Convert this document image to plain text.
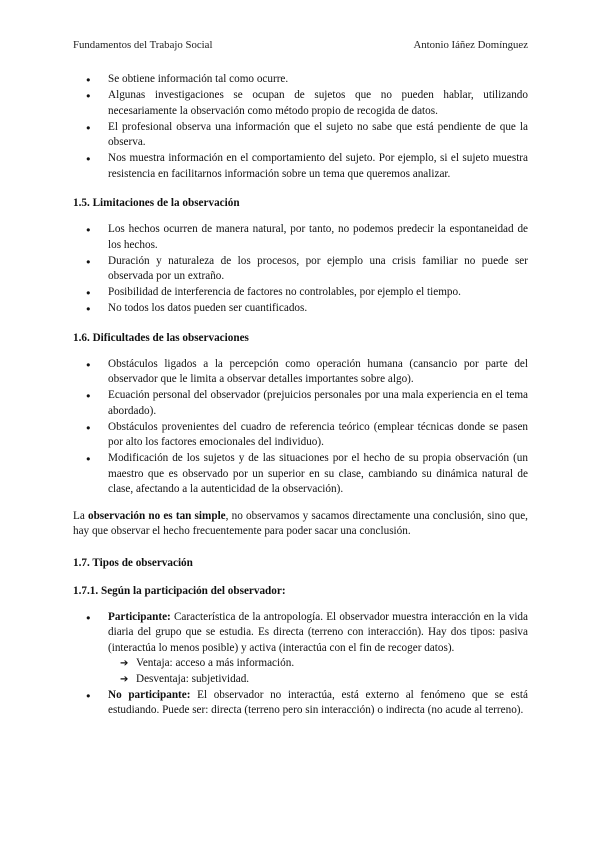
Fundamentos del Trabajo Social	Antonio Iáñez Domínguez
● Se obtiene información tal como ocurre.
● Algunas investigaciones se ocupan de sujetos que no pueden hablar, utilizando necesariamente la observación como método propio de recogida de datos.
● El profesional observa una información que el sujeto no sabe que está pendiente de que la observa.
● Nos muestra información en el comportamiento del sujeto. Por ejemplo, si el sujeto muestra resistencia en facilitarnos información sobre un tema que queremos analizar.
1.5. Limitaciones de la observación
● Los hechos ocurren de manera natural, por tanto, no podemos predecir la espontaneidad de los hechos.
● Duración y naturaleza de los procesos, por ejemplo una crisis familiar no puede ser observada por un extraño.
● Posibilidad de interferencia de factores no controlables, por ejemplo el tiempo.
● No todos los datos pueden ser cuantificados.
1.6. Dificultades de las observaciones
● Obstáculos ligados a la percepción como operación humana (cansancio por parte del observador que le limita a observar detalles importantes sobre algo).
● Ecuación personal del observador (prejuicios personales por una mala experiencia en el tema abordado).
● Obstáculos provenientes del cuadro de referencia teórico (emplear técnicas donde se pasen por alto los factores emocionales del individuo).
● Modificación de los sujetos y de las situaciones por el hecho de su propia observación (un maestro que es observado por un superior en su clase, cambiando su dinámica natural de clase, afectando a la autenticidad de la observación).

La observación no es tan simple, no observamos y sacamos directamente una conclusión, sino que, hay que observar el hecho frecuentemente para poder sacar una conclusión.

1.7. Tipos de observación
1.7.1. Según la participación del observador:
● Participante: Característica de la antropología. El observador muestra interacción en la vida diaria del grupo que se estudia. Es directa (terreno con interacción). Hay dos tipos: pasiva (interactúa lo menos posible) y activa (interactúa con el fin de recoger datos).
➔ Ventaja: acceso a más información.
➔ Desventaja: subjetividad.
● No participante: El observador no interactúa, está externo al fenómeno que se está estudiando. Puede ser: directa (terreno pero sin interacción) o indirecta (no acude al terreno).
